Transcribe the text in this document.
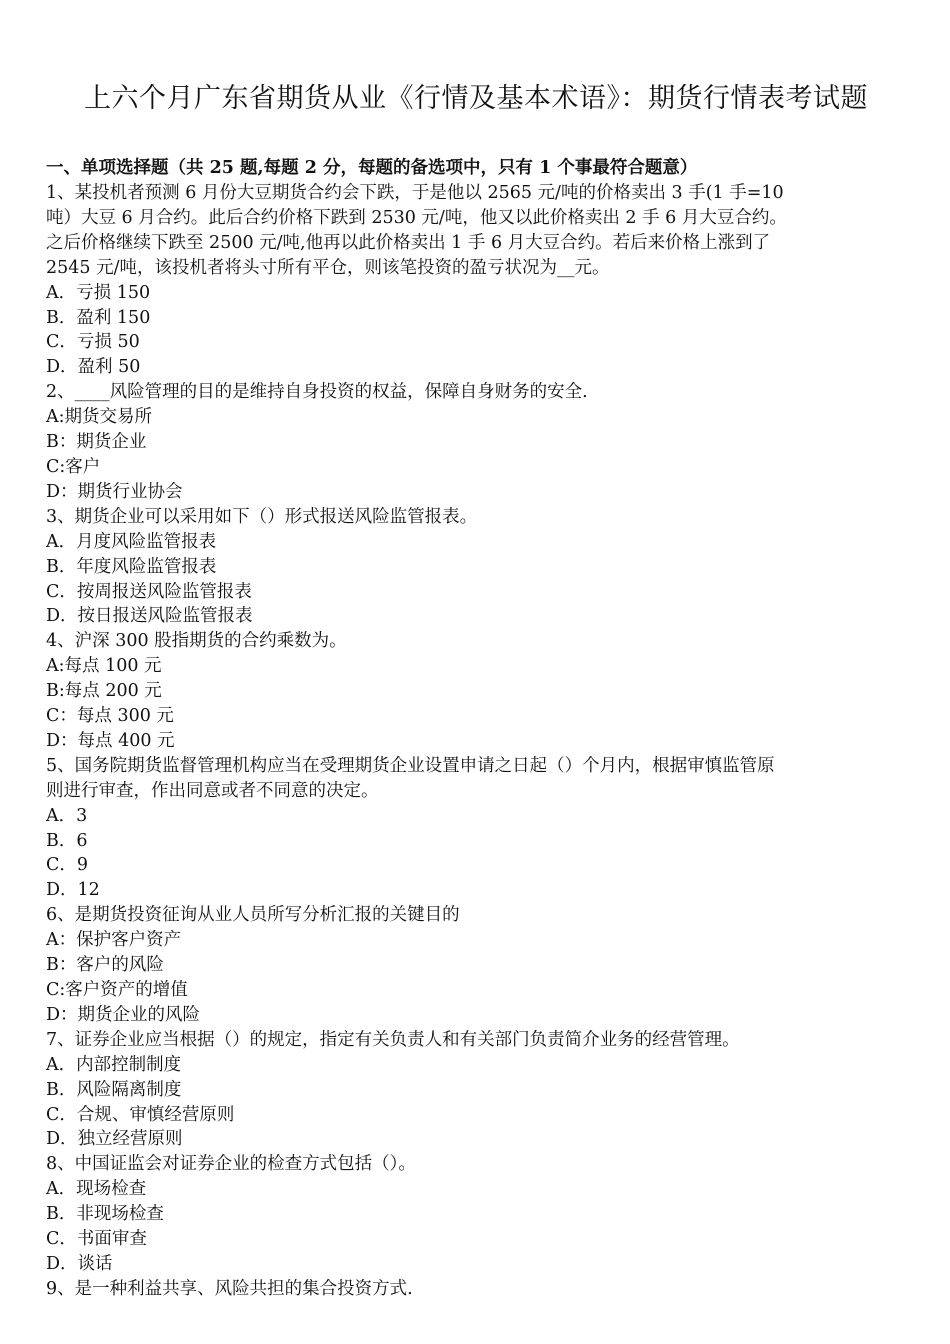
上六个月广东省期货从业《行情及基本术语》：期货行情表考试题
一、单项选择题（共 25 题,每题 2 分，每题的备选项中，只有 1 个事最符合题意）
1、某投机者预测 6 月份大豆期货合约会下跌，于是他以 2565 元/吨的价格卖出 3 手(1 手=10
吨）大豆 6 月合约。此后合约价格下跌到 2530 元/吨，他又以此价格卖出 2 手 6 月大豆合约。
之后价格继续下跌至 2500 元/吨,他再以此价格卖出 1 手 6 月大豆合约。若后来价格上涨到了
2545 元/吨，该投机者将头寸所有平仓，则该笔投资的盈亏状况为__元。
A．亏损 150
B．盈利 150
C．亏损 50
D．盈利 50
2、____风险管理的目的是维持自身投资的权益，保障自身财务的安全.
A:期货交易所
B：期货企业
C:客户
D：期货行业协会
3、期货企业可以采用如下（）形式报送风险监管报表。
A．月度风险监管报表
B．年度风险监管报表
C．按周报送风险监管报表
D．按日报送风险监管报表
4、沪深 300 股指期货的合约乘数为。
A:每点 100 元
B:每点 200 元
C：每点 300 元
D：每点 400 元
5、国务院期货监督管理机构应当在受理期货企业设置申请之日起（）个月内，根据审慎监管原
则进行审查，作出同意或者不同意的决定。
A．3
B．6
C．9
D．12
6、是期货投资征询从业人员所写分析汇报的关键目的
A：保护客户资产
B：客户的风险
C:客户资产的增值
D：期货企业的风险
7、证券企业应当根据（）的规定，指定有关负责人和有关部门负责简介业务的经营管理。
A．内部控制制度
B．风险隔离制度
C．合规、审慎经营原则
D．独立经营原则
8、中国证监会对证券企业的检查方式包括（）。
A．现场检查
B．非现场检查
C．书面审查
D．谈话
9、是一种利益共享、风险共担的集合投资方式.
